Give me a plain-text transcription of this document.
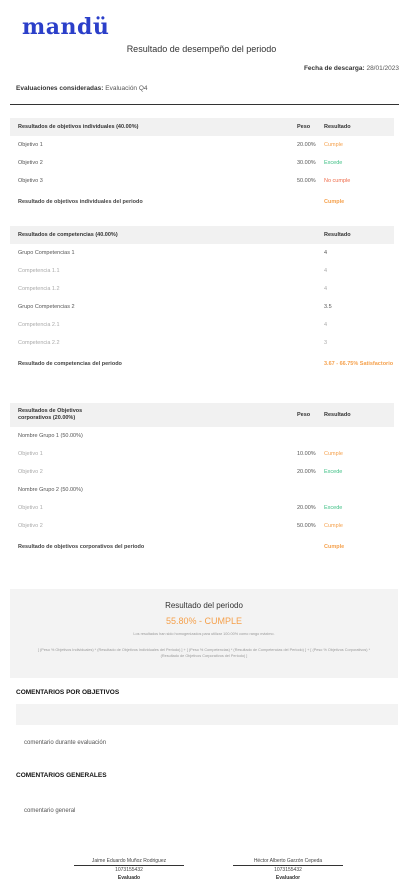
mandü
Resultado de desempeño del periodo
Fecha de descarga: 28/01/2023
Evaluaciones consideradas: Evaluación Q4
Resultados de objetivos individuales (40.00%)	Peso	Resultado
Objetivo 1	20.00% Cumple
Objetivo 2	30.00% Excede
Objetivo 3	50.00% No cumple
Resultado de objetivos individuales del periodo	Cumple
Resultados de competencias (40.00%)	Resultado
Grupo Competencias 1	4
Competencia 1.1	4
Competencia 1.2	4
Grupo Competencias 2	3.5
Competencia 2.1	4
Competencia 2.2	3
Resultado de competencias del periodo	3.67 - 66.75% Satisfactorio
Resultados de Objetivos
corporativos (20.00%)	Peso	Resultado
Nombre Grupo 1 (50.00%)
Objetivo 1	10.00% Cumple
Objetivo 2	20.00% Excede
Nombre Grupo 2 (50.00%)
Objetivo 1	20.00% Excede
Objetivo 2	50.00% Cumple
Resultado de objetivos corporativos del periodo	Cumple
Resultado del periodo
55.80% - CUMPLE
Los resultados han sido homogenizados para utilizar 100.00% como rango máximo.
[ (Peso % Objetivos Individuales) * (Resultado de Objetivos Individuales del Periodo) ] + [ (Peso % Competencias) * (Resultado de Competencias del Periodo) ] + [ (Peso % Objetivos Corporativos) * (Resultado de Objetivos Corporativos del Periodo) ]
COMENTARIOS POR OBJETIVOS
comentario durante evaluación
COMENTARIOS GENERALES
comentario general
Jaime Eduardo Muñoz Rodriguez
1073155432
Evaluado
Héctor Alberto Garzón Cepeda
1073155432
Evaluador
